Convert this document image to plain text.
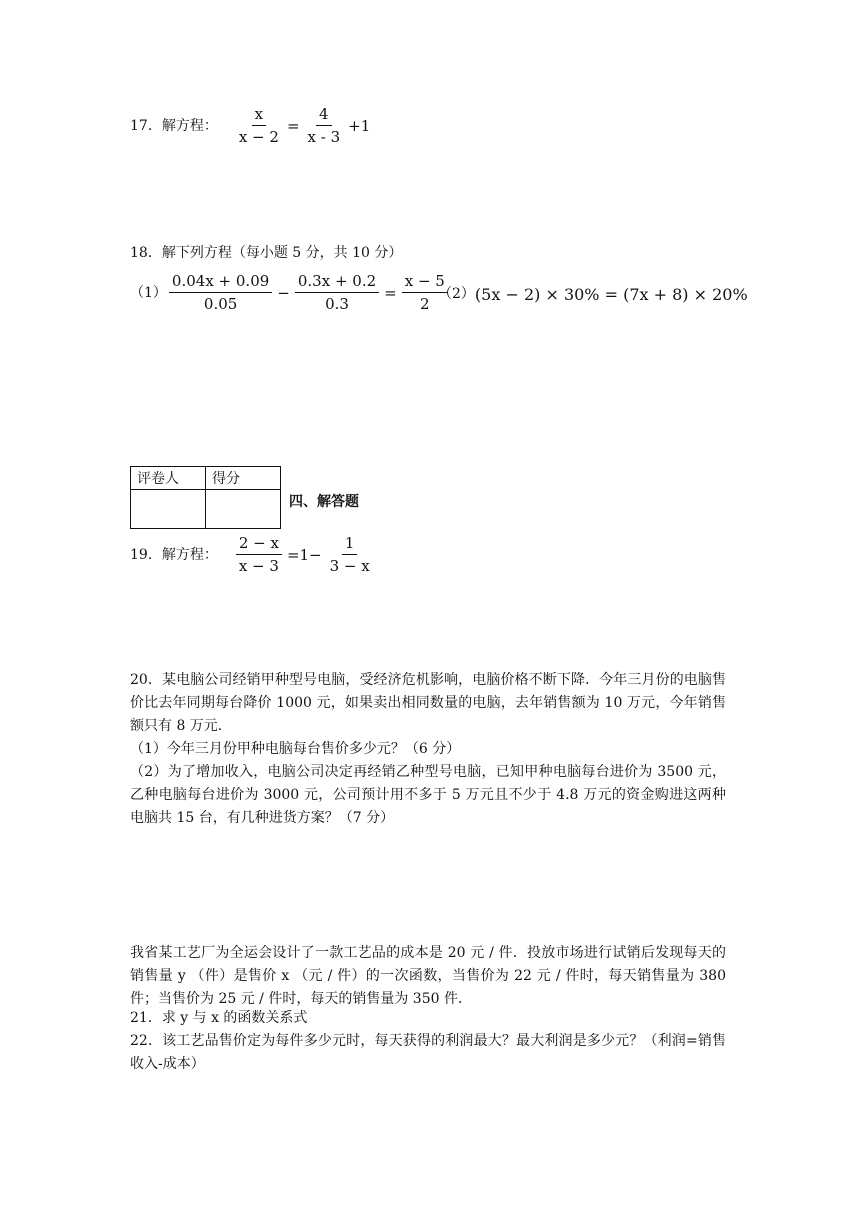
17．解方程： $\frac{x}{x - 2} = \frac{4}{x - 3} +1$
18．解下列方程（每小题 5 分，共 10 分）
$(1) \frac{0.04x + 0.09}{0.05} - \frac{0.3x + 0.2}{0.3} = \frac{x - 5}{2}$
（2） (5x − 2) × 30% = (7x + 8) × 20%
评卷人	得分

四、解答题
19．解方程： $\frac{2 - x}{x - 3} =1- \frac{1}{3 - x}$
20．某电脑公司经销甲种型号电脑，受经济危机影响，电脑价格不断下降．今年三月份的电脑售价比去年同期每台降价 1000 元，如果卖出相同数量的电脑，去年销售额为 10 万元，今年销售额只有 8 万元．
（1）今年三月份甲种电脑每台售价多少元？（6 分）
（2）为了增加收入，电脑公司决定再经销乙种型号电脑，已知甲种电脑每台进价为 3500 元，乙种电脑每台进价为 3000 元，公司预计用不多于 5 万元且不少于 4.8 万元的资金购进这两种电脑共 15 台，有几种进货方案？（7 分）
我省某工艺厂为全运会设计了一款工艺品的成本是 20 元 / 件．投放市场进行试销后发现每天的销售量 y （件）是售价 x （元 / 件）的一次函数，当售价为 22 元 / 件时，每天销售量为 380 件；当售价为 25 元 / 件时，每天的销售量为 350 件．
21．求 y 与 x 的函数关系式
22．该工艺品售价定为每件多少元时，每天获得的利润最大？最大利润是多少元？（利润=销售收入-成本）
